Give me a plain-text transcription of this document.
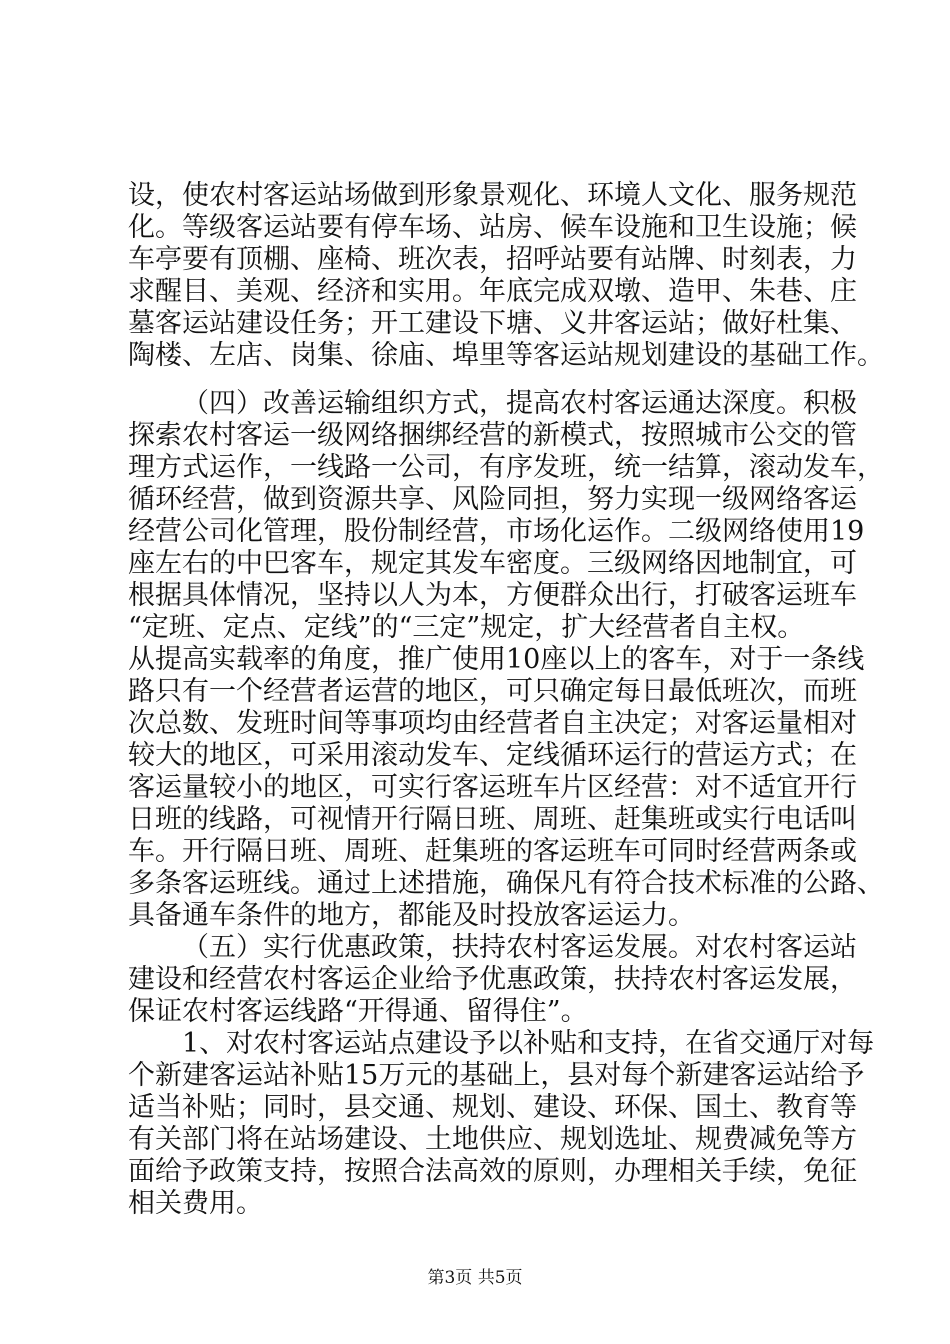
设，使农村客运站场做到形象景观化、环境人文化、服务规范
化。等级客运站要有停车场、站房、候车设施和卫生设施；候
车亭要有顶棚、座椅、班次表，招呼站要有站牌、时刻表，力
求醒目、美观、经济和实用。年底完成双墩、造甲、朱巷、庄
墓客运站建设任务；开工建设下塘、义井客运站；做好杜集、
陶楼、左店、岗集、徐庙、埠里等客运站规划建设的基础工作。
（四）改善运输组织方式，提高农村客运通达深度。积极
探索农村客运一级网络捆绑经营的新模式，按照城市公交的管
理方式运作，一线路一公司，有序发班，统一结算，滚动发车，
循环经营，做到资源共享、风险同担，努力实现一级网络客运
经营公司化管理，股份制经营，市场化运作。二级网络使用19
座左右的中巴客车，规定其发车密度。三级网络因地制宜，可
根据具体情况，坚持以人为本，方便群众出行，打破客运班车
“定班、定点、定线”的“三定”规定，扩大经营者自主权。
从提高实载率的角度，推广使用10座以上的客车，对于一条线
路只有一个经营者运营的地区，可只确定每日最低班次，而班
次总数、发班时间等事项均由经营者自主决定；对客运量相对
较大的地区，可采用滚动发车、定线循环运行的营运方式；在
客运量较小的地区，可实行客运班车片区经营：对不适宜开行
日班的线路，可视情开行隔日班、周班、赶集班或实行电话叫
车。开行隔日班、周班、赶集班的客运班车可同时经营两条或
多条客运班线。通过上述措施，确保凡有符合技术标准的公路、
具备通车条件的地方，都能及时投放客运运力。
（五）实行优惠政策，扶持农村客运发展。对农村客运站
建设和经营农村客运企业给予优惠政策，扶持农村客运发展，
保证农村客运线路“开得通、留得住”。
1、对农村客运站点建设予以补贴和支持，在省交通厅对每
个新建客运站补贴15万元的基础上，县对每个新建客运站给予
适当补贴；同时，县交通、规划、建设、环保、国土、教育等
有关部门将在站场建设、土地供应、规划选址、规费减免等方
面给予政策支持，按照合法高效的原则，办理相关手续，免征
相关费用。
第3页 共5页
